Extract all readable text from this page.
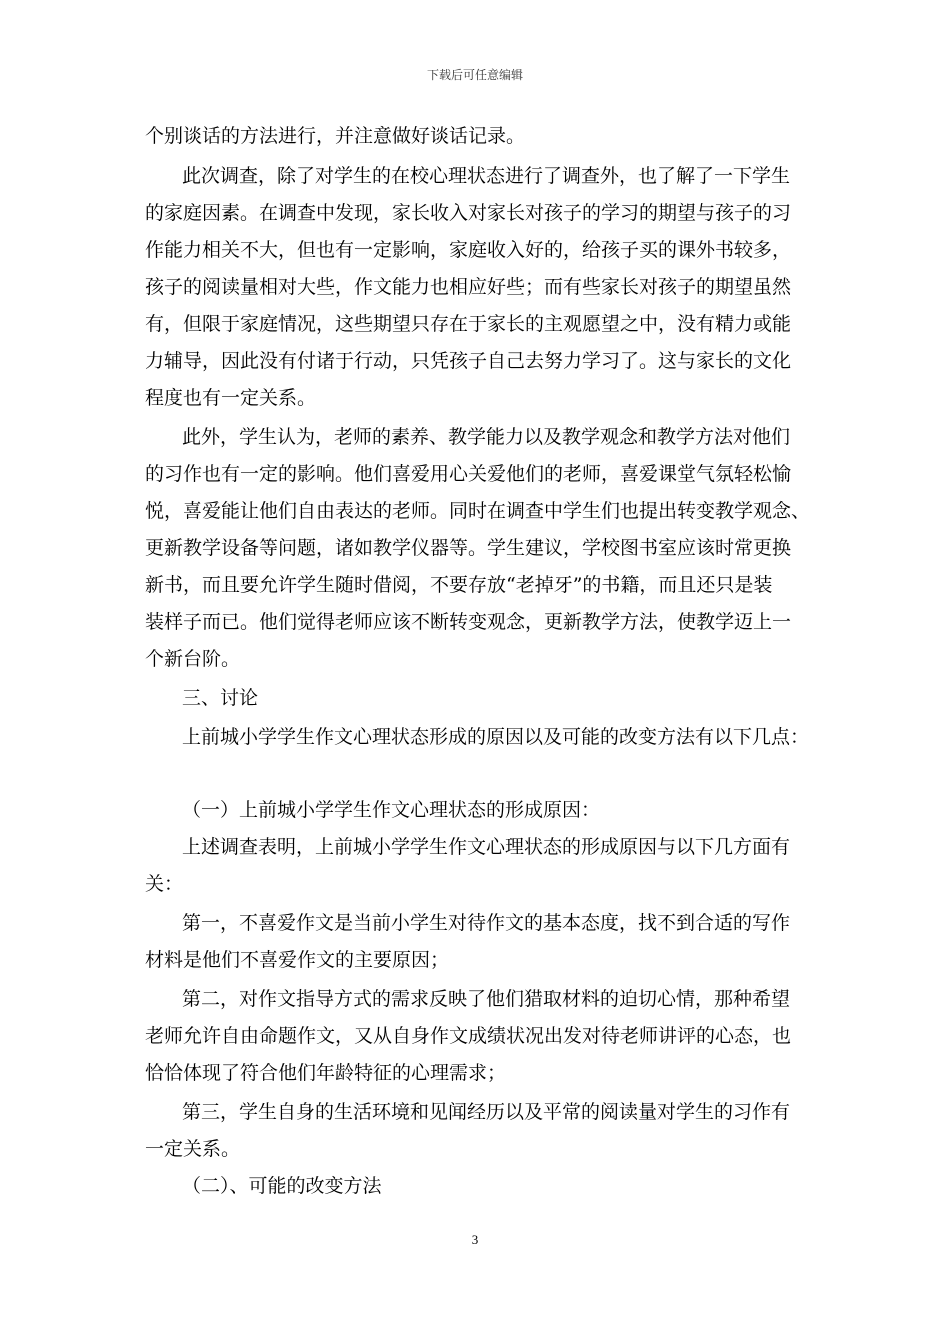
下载后可任意编辑
个别谈话的方法进行，并注意做好谈话记录。
此次调查，除了对学生的在校心理状态进行了调查外，也了解了一下学生
的家庭因素。在调查中发现，家长收入对家长对孩子的学习的期望与孩子的习
作能力相关不大，但也有一定影响，家庭收入好的，给孩子买的课外书较多，
孩子的阅读量相对大些，作文能力也相应好些；而有些家长对孩子的期望虽然
有，但限于家庭情况，这些期望只存在于家长的主观愿望之中，没有精力或能
力辅导，因此没有付诸于行动，只凭孩子自己去努力学习了。这与家长的文化
程度也有一定关系。
此外，学生认为，老师的素养、教学能力以及教学观念和教学方法对他们
的习作也有一定的影响。他们喜爱用心关爱他们的老师，喜爱课堂气氛轻松愉
悦，喜爱能让他们自由表达的老师。同时在调查中学生们也提出转变教学观念、
更新教学设备等问题，诸如教学仪器等。学生建议，学校图书室应该时常更换
新书，而且要允许学生随时借阅，不要存放“老掉牙”的书籍，而且还只是装
装样子而已。他们觉得老师应该不断转变观念，更新教学方法，使教学迈上一
个新台阶。
三、讨论
上前城小学学生作文心理状态形成的原因以及可能的改变方法有以下几点：
（一）上前城小学学生作文心理状态的形成原因：
上述调查表明，上前城小学学生作文心理状态的形成原因与以下几方面有
关：
第一，不喜爱作文是当前小学生对待作文的基本态度，找不到合适的写作
材料是他们不喜爱作文的主要原因；
第二，对作文指导方式的需求反映了他们猎取材料的迫切心情，那种希望
老师允许自由命题作文，又从自身作文成绩状况出发对待老师讲评的心态，也
恰恰体现了符合他们年龄特征的心理需求；
第三，学生自身的生活环境和见闻经历以及平常的阅读量对学生的习作有
一定关系。
（二）、可能的改变方法
3
